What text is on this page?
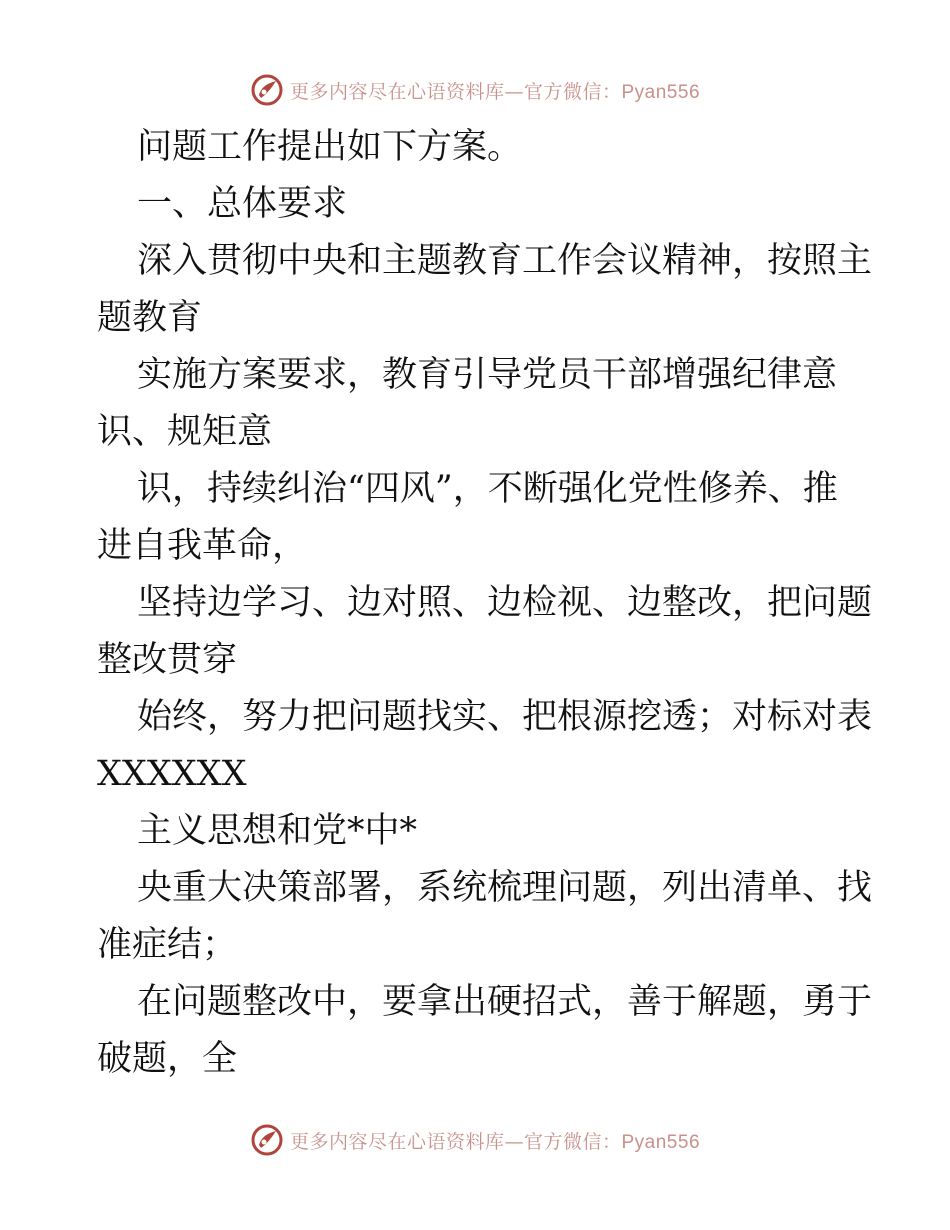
更多内容尽在心语资料库—官方微信：Pyan556
问题工作提出如下方案。
一、总体要求
深入贯彻中央和主题教育工作会议精神，按照主
题教育
实施方案要求，教育引导党员干部增强纪律意
识、规矩意
识，持续纠治“四风”，不断强化党性修养、推
进自我革命，
坚持边学习、边对照、边检视、边整改，把问题
整改贯穿
始终，努力把问题找实、把根源挖透；对标对表
XXXXXX
主义思想和党*中*
央重大决策部署，系统梳理问题，列出清单、找
准症结；
在问题整改中，要拿出硬招式，善于解题，勇于
破题，全
更多内容尽在心语资料库—官方微信：Pyan556
